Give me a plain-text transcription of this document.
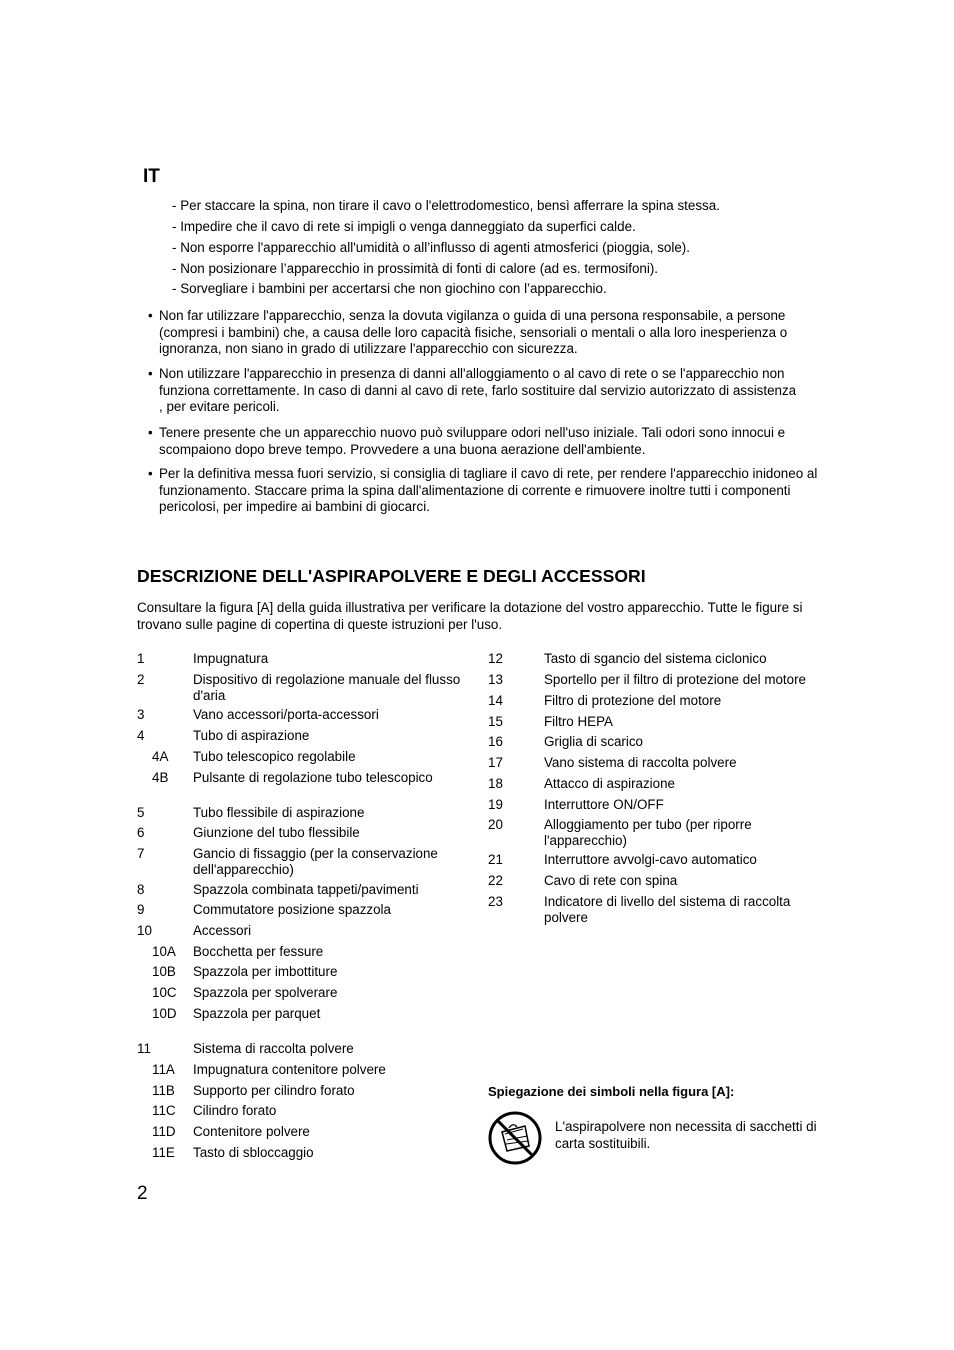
IT
- Per staccare la spina, non tirare il cavo o l'elettrodomestico, bensì afferrare la spina stessa.
- Impedire che il cavo di rete si impigli o venga danneggiato da superfici calde.
- Non esporre l'apparecchio all'umidità o all’influsso di agenti atmosferici (pioggia, sole).
- Non posizionare l’apparecchio in prossimità di fonti di calore (ad es. termosifoni).
- Sorvegliare i bambini per accertarsi che non giochino con l’apparecchio.
• Non far utilizzare l'apparecchio, senza la dovuta vigilanza o guida di una persona responsabile, a persone (compresi i bambini) che, a causa delle loro capacità fisiche, sensoriali o mentali o alla loro inesperienza o ignoranza, non siano in grado di utilizzare l'apparecchio con sicurezza.
• Non utilizzare l'apparecchio in presenza di danni all'alloggiamento o al cavo di rete o se l'apparecchio non funziona correttamente. In caso di danni al cavo di rete, farlo sostituire dal servizio autorizzato di assistenza                        , per evitare pericoli.
• Tenere presente che un apparecchio nuovo può sviluppare odori nell'uso iniziale. Tali odori sono innocui e scompaiono dopo breve tempo. Provvedere a una buona aerazione dell'ambiente.
• Per la definitiva messa fuori servizio, si consiglia di tagliare il cavo di rete, per rendere l'apparecchio inidoneo al funzionamento. Staccare prima la spina dall'alimentazione di corrente e rimuovere inoltre tutti i componenti pericolosi, per impedire ai bambini di giocarci.
DESCRIZIONE DELL'ASPIRAPOLVERE E DEGLI ACCESSORI
Consultare la figura [A] della guida illustrativa per verificare la dotazione del vostro apparecchio. Tutte le figure si trovano sulle pagine di copertina di queste istruzioni per l'uso.
1	Impugnatura
2	Dispositivo di regolazione manuale del flusso d'aria
3	Vano accessori/porta-accessori
4	Tubo di aspirazione
4A Tubo telescopico regolabile
4B Pulsante di regolazione tubo telescopico
5	Tubo flessibile di aspirazione
6	Giunzione del tubo flessibile
7	Gancio di fissaggio (per la conservazione dell'apparecchio)
8	Spazzola combinata tappeti/pavimenti
9	Commutatore posizione spazzola
10	Accessori
10A Bocchetta per fessure
10B Spazzola per imbottiture
10C Spazzola per spolverare
10D Spazzola per parquet
11	Sistema di raccolta polvere
11A Impugnatura contenitore polvere
11B Supporto per cilindro forato
11C Cilindro forato
11D Contenitore polvere
11E Tasto di sbloccaggio
12	Tasto di sgancio del sistema ciclonico
13	Sportello per il filtro di protezione del motore
14	Filtro di protezione del motore
15	Filtro HEPA
16	Griglia di scarico
17	Vano sistema di raccolta polvere
18	Attacco di aspirazione
19	Interruttore ON/OFF
20	Alloggiamento per tubo (per riporre l'apparecchio)
21	Interruttore avvolgi-cavo automatico
22	Cavo di rete con spina
23	Indicatore di livello del sistema di raccolta polvere
Spiegazione dei simboli nella figura [A]:
L'aspirapolvere non necessita di sacchetti di carta sostituibili.
2
